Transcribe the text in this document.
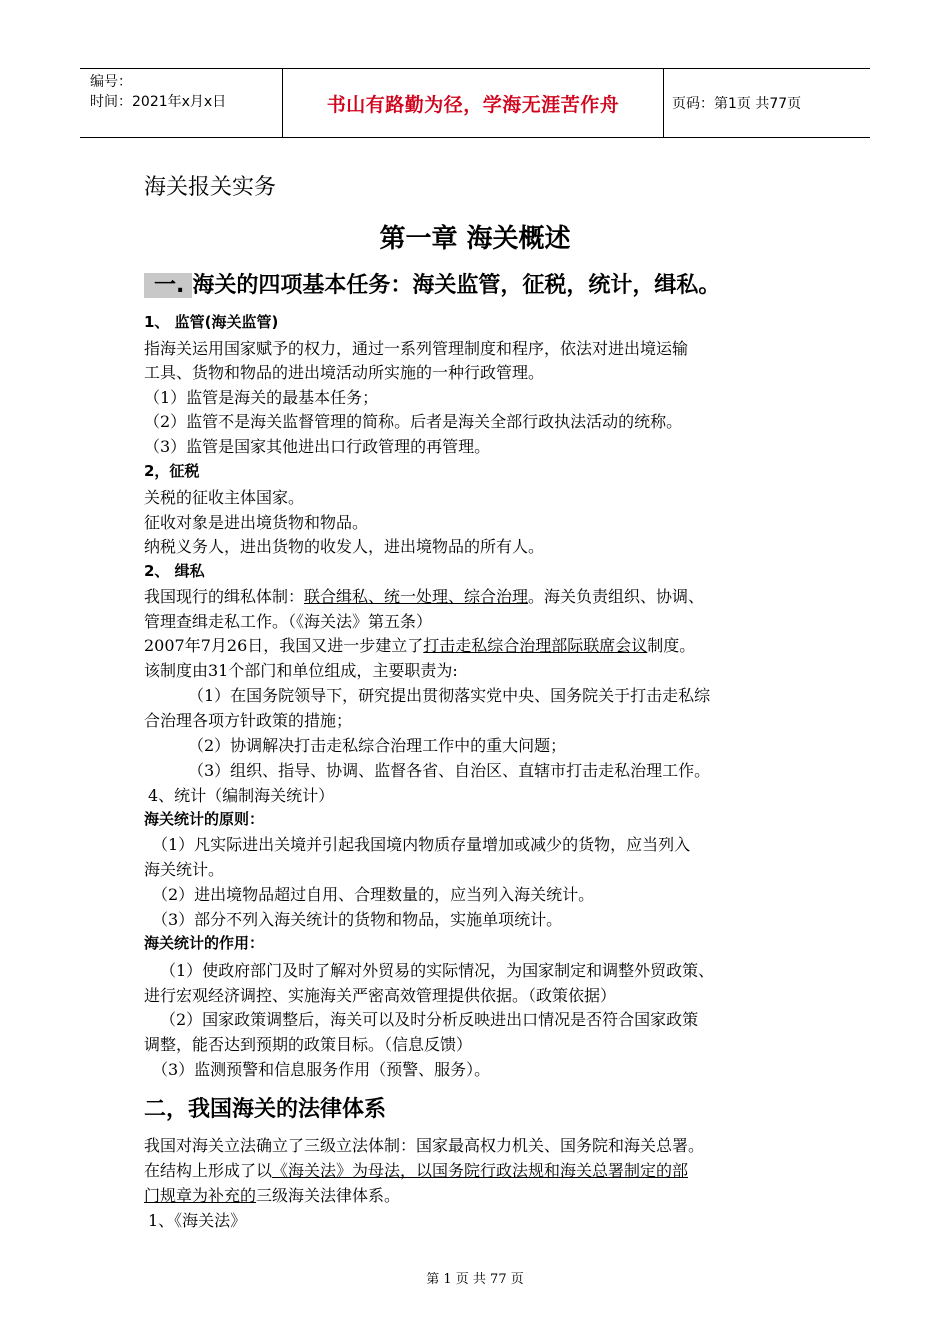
编号：
时间：2021年x月x日	书山有路勤为径，学海无涯苦作舟	页码：第1页 共77页
海关报关实务
第一章 海关概述
一. 海关的四项基本任务：海关监管，征税，统计，缉私。
1、 监管(海关监管)
指海关运用国家赋予的权力，通过一系列管理制度和程序，依法对进出境运输
工具、货物和物品的进出境活动所实施的一种行政管理。
（1）监管是海关的最基本任务；
（2）监管不是海关监督管理的简称。后者是海关全部行政执法活动的统称。
（3）监管是国家其他进出口行政管理的再管理。
2，征税
关税的征收主体国家。
征收对象是进出境货物和物品。
纳税义务人，进出货物的收发人，进出境物品的所有人。
2、 缉私
我国现行的缉私体制：联合缉私、统一处理、综合治理。海关负责组织、协调、
管理查缉走私工作。（《海关法》第五条）
2007年7月26日，我国又进一步建立了打击走私综合治理部际联席会议制度。
该制度由31个部门和单位组成，主要职责为:
（1）在国务院领导下，研究提出贯彻落实党中央、国务院关于打击走私综
合治理各项方针政策的措施；
（2）协调解决打击走私综合治理工作中的重大问题；
（3）组织、指导、协调、监督各省、自治区、直辖市打击走私治理工作。
4、统计（编制海关统计）
海关统计的原则：
（1）凡实际进出关境并引起我国境内物质存量增加或减少的货物，应当列入
海关统计。
（2）进出境物品超过自用、合理数量的，应当列入海关统计。
（3）部分不列入海关统计的货物和物品，实施单项统计。
海关统计的作用：
（1）使政府部门及时了解对外贸易的实际情况，为国家制定和调整外贸政策、
进行宏观经济调控、实施海关严密高效管理提供依据。（政策依据）
（2）国家政策调整后，海关可以及时分析反映进出口情况是否符合国家政策
调整，能否达到预期的政策目标。（信息反馈）
（3）监测预警和信息服务作用（预警、服务）。
二，我国海关的法律体系
我国对海关立法确立了三级立法体制：国家最高权力机关、国务院和海关总署。
在结构上形成了以《海关法》为母法，以国务院行政法规和海关总署制定的部
门规章为补充的三级海关法律体系。
1、《海关法》
第 1 页 共 77 页
